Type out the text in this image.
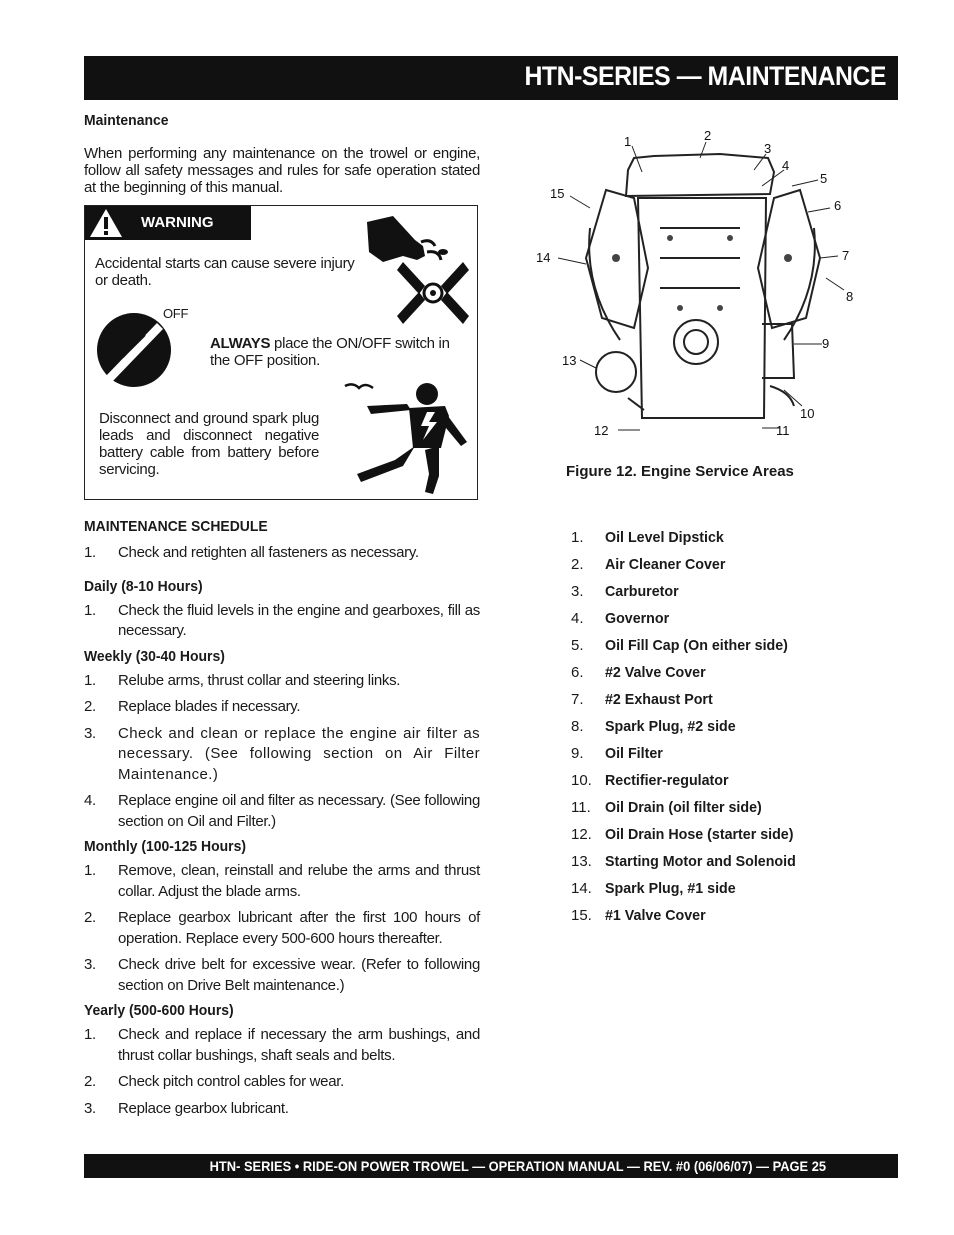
HTN-SERIES — MAINTENANCE
Maintenance
When performing any maintenance on the trowel or engine, follow all safety messages and rules for safe operation stated at the beginning of this manual.
WARNING
Accidental starts can cause severe injury or death.
OFF
ALWAYS place the ON/OFF switch in the OFF position.
Disconnect and ground spark plug leads and disconnect negative battery cable from battery before servicing.
MAINTENANCE SCHEDULE
1.	Check and retighten all fasteners as necessary.
Daily (8-10 Hours)
1.	Check the fluid levels in the engine and gearboxes, fill as necessary.
Weekly (30-40 Hours)
1.	Relube arms, thrust collar and steering links.
2.	Replace blades if necessary.
3.	Check and clean or replace the engine air filter as necessary. (See following section on Air Filter Maintenance.)
4.	Replace engine oil and filter as necessary. (See following section on Oil and Filter.)
Monthly (100-125 Hours)
1.	Remove, clean, reinstall and relube the arms and thrust collar. Adjust the blade arms.
2.	Replace gearbox lubricant after the first 100 hours of operation. Replace every 500-600 hours thereafter.
3.	Check drive belt for excessive wear. (Refer to following section on Drive Belt maintenance.)
Yearly (500-600 Hours)
1.	Check and replace if necessary the arm bushings, and thrust collar bushings, shaft seals and belts.
2.	Check pitch control cables for wear.
3.	Replace gearbox lubricant.
1	2
3
4
5
6
7
8
9
10
11
12
13
14
15
Figure 12. Engine Service Areas
1.	Oil Level Dipstick
2.	Air Cleaner Cover
3.	Carburetor
4.	Governor
5.	Oil Fill Cap (On either side)
6.	#2 Valve Cover
7.	#2 Exhaust Port
8.	Spark Plug, #2 side
9.	Oil Filter
10. Rectifier-regulator
11. Oil Drain (oil filter side)
12. Oil Drain Hose (starter side)
13. Starting Motor and Solenoid
14. Spark Plug, #1 side
15. #1 Valve Cover
HTN- SERIES • RIDE-ON POWER TROWEL — OPERATION MANUAL — REV. #0 (06/06/07) — PAGE 25
